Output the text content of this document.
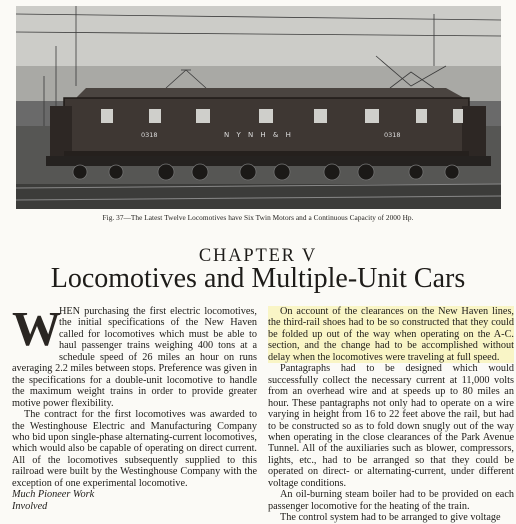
0318	N Y N H & H	0318
Fig. 37—The Latest Twelve Locomotives have Six Twin Motors and a Continuous Capacity of 2000 Hp.
CHAPTER V
Locomotives and Multiple-Unit Cars

W
HEN purchasing the first electric locomotives, the initial specifications of the New Haven called for locomotives which must be able to haul passenger trains weighing 400 tons at a schedule speed of 26 miles an hour on runs averaging 2.2 miles between stops. Preference was given in the specifications for a double-unit locomotive to handle the maximum weight trains in order to provide greater motive power flexibility.

The contract for the first locomotives was awarded to the Westinghouse Electric and Manufacturing Company who bid upon single-phase alternating-current locomotives, which would also be capable of operating on direct current. All of the locomotives subsequently supplied to this railroad were built by the Westinghouse Company with the exception of one experimental locomotive.

Much Pioneer Work

Involved

On account of the clearances on the New Haven lines, the third-rail shoes had to be so constructed that they could be folded up out of the way when operating on the A-C. section, and the change had to be accomplished without delay when the locomotives were traveling at full speed.

Pantagraphs had to be designed which would successfully collect the necessary current at 11,000 volts from an overhead wire and at speeds up to 80 miles an hour. These pantagraphs not only had to operate on a wire varying in height from 16 to 22 feet above the rail, but had to be constructed so as to fold down snugly out of the way when operating in the close clearances of the Park Avenue Tunnel. All of the auxiliaries such as blower, compressors, lights, etc., had to be arranged so that they could be operated on direct- or alternating-current, under different voltage conditions.

An oil-burning steam boiler had to be provided on each passenger locomotive for the heating of the train.

The control system had to be arranged to give voltage
